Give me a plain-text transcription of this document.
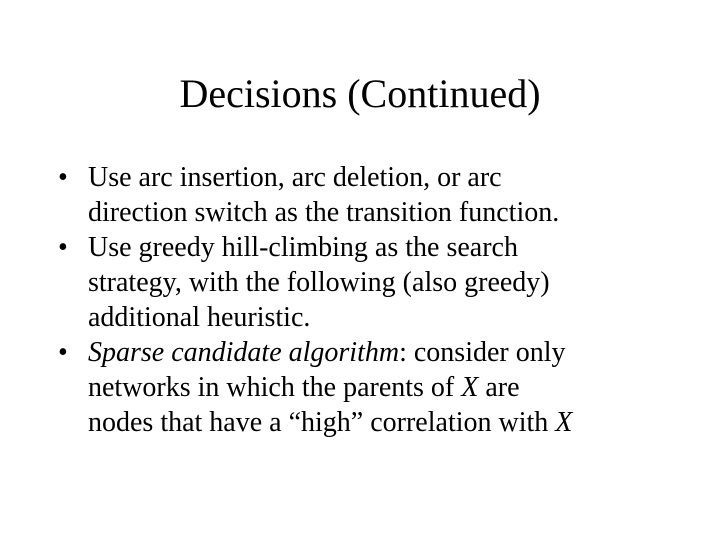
Decisions (Continued)
• Use arc insertion, arc deletion, or arc
direction switch as the transition function.
• Use greedy hill-climbing as the search
strategy, with the following (also greedy)
additional heuristic.
• Sparse candidate algorithm: consider only
networks in which the parents of X are
nodes that have a “high” correlation with X
